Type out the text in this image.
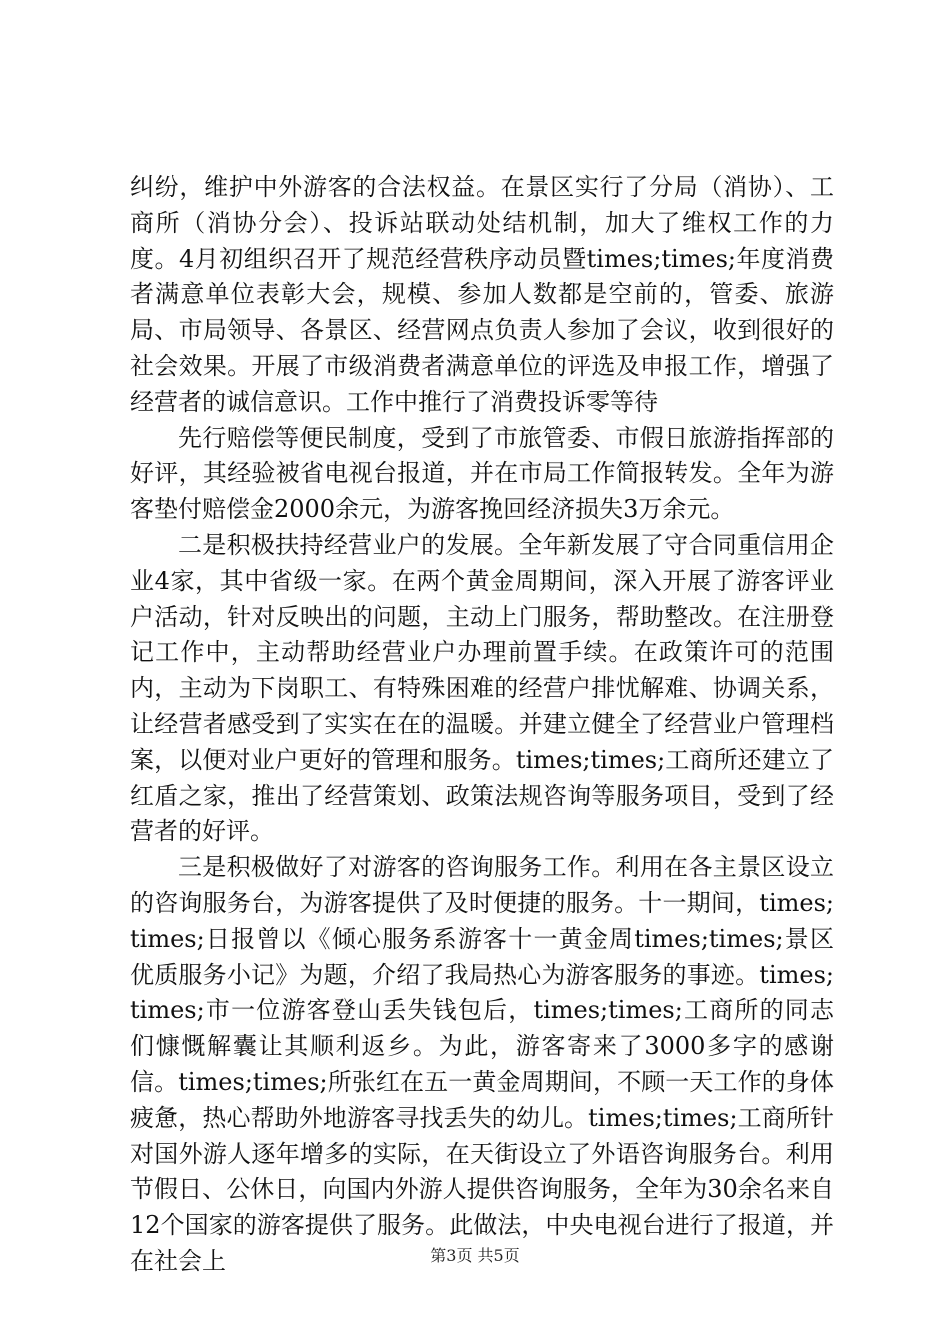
纠纷，维护中外游客的合法权益。在景区实行了分局（消协）、工商所（消协分会）、投诉站联动处结机制，加大了维权工作的力度。4月初组织召开了规范经营秩序动员暨times;times;年度消费者满意单位表彰大会，规模、参加人数都是空前的，管委、旅游局、市局领导、各景区、经营网点负责人参加了会议，收到很好的社会效果。开展了市级消费者满意单位的评选及申报工作，增强了经营者的诚信意识。工作中推行了消费投诉零等待

先行赔偿等便民制度，受到了市旅管委、市假日旅游指挥部的好评，其经验被省电视台报道，并在市局工作简报转发。全年为游客垫付赔偿金2000余元，为游客挽回经济损失3万余元。

二是积极扶持经营业户的发展。全年新发展了守合同重信用企业4家，其中省级一家。在两个黄金周期间，深入开展了游客评业户活动，针对反映出的问题，主动上门服务，帮助整改。在注册登记工作中，主动帮助经营业户办理前置手续。在政策许可的范围内，主动为下岗职工、有特殊困难的经营户排忧解难、协调关系，让经营者感受到了实实在在的温暖。并建立健全了经营业户管理档案，以便对业户更好的管理和服务。times;times;工商所还建立了红盾之家，推出了经营策划、政策法规咨询等服务项目，受到了经营者的好评。

三是积极做好了对游客的咨询服务工作。利用在各主景区设立的咨询服务台，为游客提供了及时便捷的服务。十一期间，times;times;日报曾以《倾心服务系游客十一黄金周times;times;景区优质服务小记》为题，介绍了我局热心为游客服务的事迹。times;times;市一位游客登山丢失钱包后，times;times;工商所的同志们慷慨解囊让其顺利返乡。为此，游客寄来了3000多字的感谢信。times;times;所张红在五一黄金周期间，不顾一天工作的身体疲惫，热心帮助外地游客寻找丢失的幼儿。times;times;工商所针对国外游人逐年增多的实际，在天街设立了外语咨询服务台。利用节假日、公休日，向国内外游人提供咨询服务，全年为30余名来自12个国家的游客提供了服务。此做法，中央电视台进行了报道，并在社会上	第3页 共5页
